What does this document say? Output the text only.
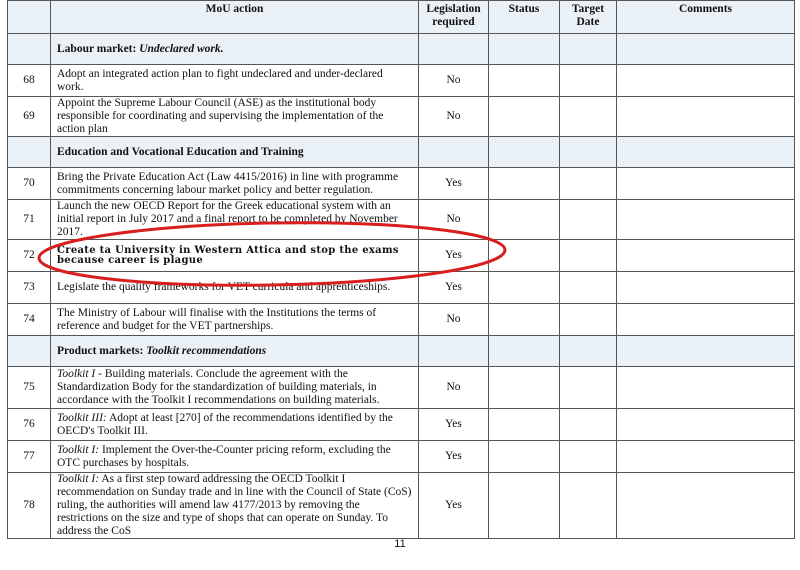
	MoU action	Legislation required	Status	Target Date	Comments
	Labour market: Undeclared work.				
68	Adopt an integrated action plan to fight undeclared and under-declared work.	No			
69	Appoint the Supreme Labour Council (ASE) as the institutional body responsible for coordinating and supervising the implementation of the action plan	No			
	Education and Vocational Education and Training				
70	Bring the Private Education Act (Law 4415/2016) in line with programme commitments concerning labour market policy and better regulation.	Yes			
71	Launch the new OECD Report for the Greek educational system with an initial report in July 2017 and a final report to be completed by November 2017.	No			
72	Create ta University in Western Attica and stop the exams because career is plague	Yes			
73	Legislate the quality frameworks for VET curricula and apprenticeships.	Yes			
74	The Ministry of Labour will finalise with the Institutions the terms of reference and budget for the VET partnerships.	No			
	Product markets: Toolkit recommendations				
75	Toolkit I - Building materials. Conclude the agreement with the Standardization Body for the standardization of building materials, in accordance with the Toolkit I recommendations on building materials.	No			
76	Toolkit III: Adopt at least [270] of the recommendations identified by the OECD's Toolkit III.	Yes			
77	Toolkit I: Implement the Over-the-Counter pricing reform, excluding the OTC purchases by hospitals.	Yes			
78	Toolkit I: As a first step toward addressing the OECD Toolkit I recommendation on Sunday trade and in line with the Council of State (CoS) ruling, the authorities will amend law 4177/2013 by removing the restrictions on the size and type of shops that can operate on Sunday. To address the CoS	Yes			
11
